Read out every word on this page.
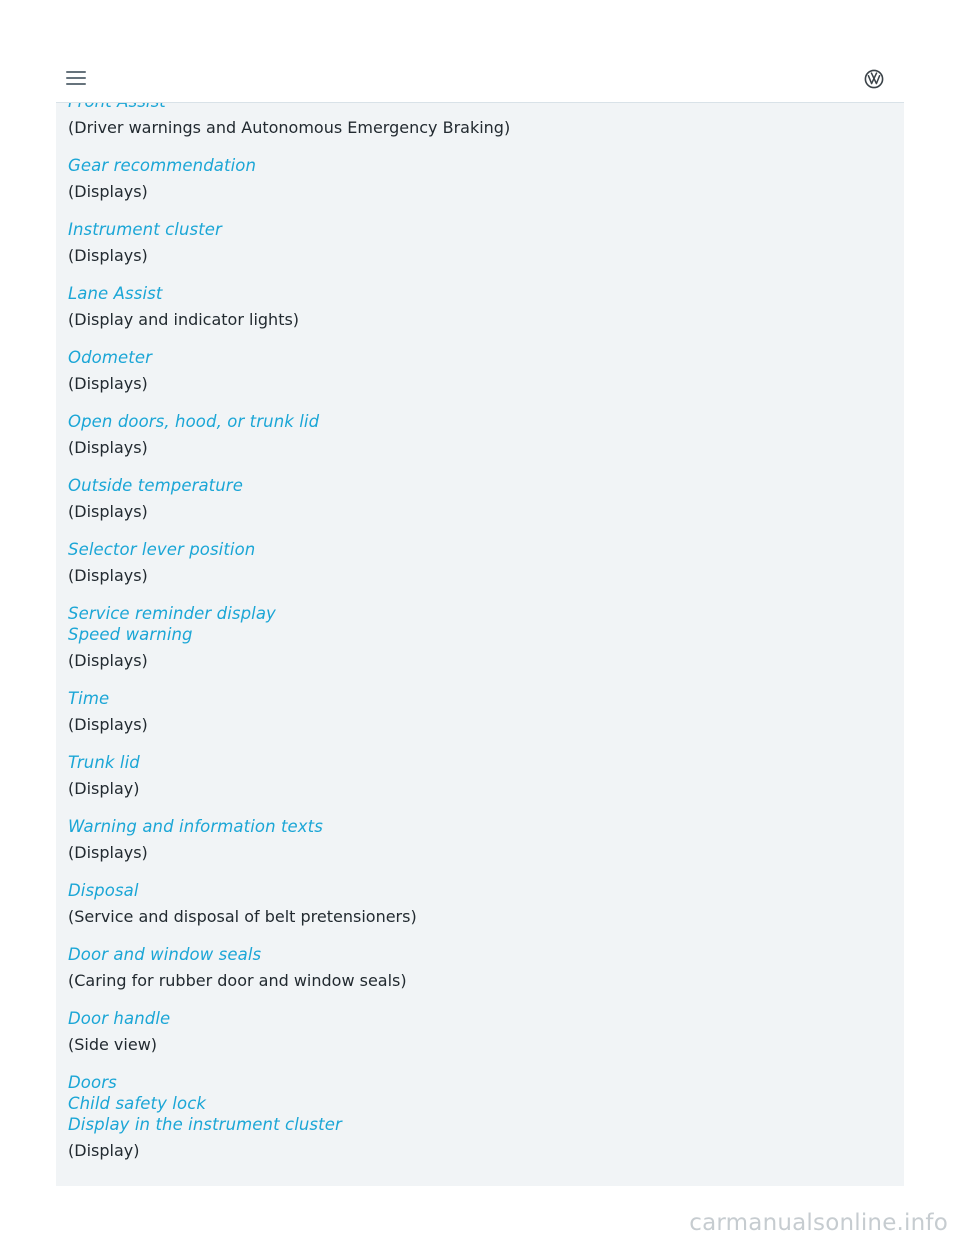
(Driver warnings and Autonomous Emergency Braking)
Gear recommendation
(Displays)
Instrument cluster
(Displays)
Lane Assist
(Display and indicator lights)
Odometer
(Displays)
Open doors, hood, or trunk lid
(Displays)
Outside temperature
(Displays)
Selector lever position
(Displays)
Service reminder display
Speed warning
(Displays)
Time
(Displays)
Trunk lid
(Display)
Warning and information texts
(Displays)
Disposal
(Service and disposal of belt pretensioners)
Door and window seals
(Caring for rubber door and window seals)
Door handle
(Side view)
Doors
Child safety lock
Display in the instrument cluster
(Display)
carmanualsonline.info
